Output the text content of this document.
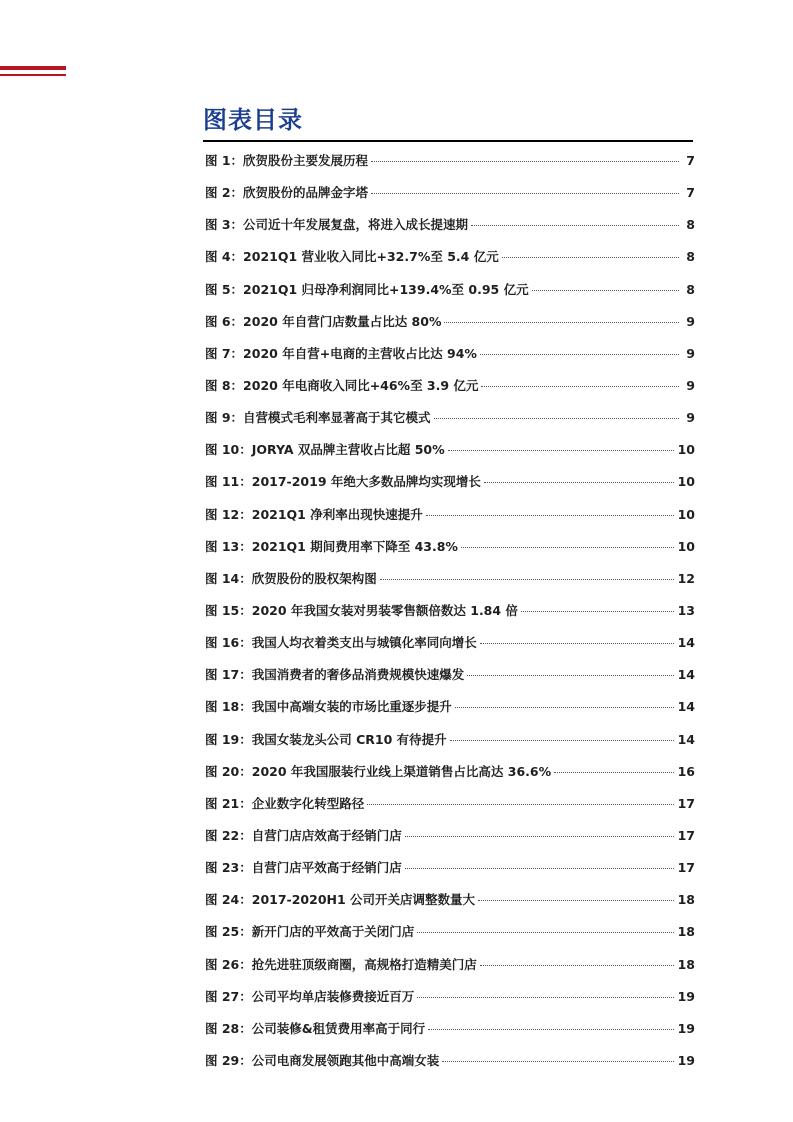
图表目录
图 1：欣贺股份主要发展历程	7
图 2：欣贺股份的品牌金字塔	7
图 3：公司近十年发展复盘，将进入成长提速期	8
图 4：2021Q1 营业收入同比+32.7%至 5.4 亿元	8
图 5：2021Q1 归母净利润同比+139.4%至 0.95 亿元	8
图 6：2020 年自营门店数量占比达 80%	9
图 7：2020 年自营+电商的主营收占比达 94%	9
图 8：2020 年电商收入同比+46%至 3.9 亿元	9
图 9：自营模式毛利率显著高于其它模式	9
图 10：JORYA 双品牌主营收占比超 50%	10
图 11：2017-2019 年绝大多数品牌均实现增长	10
图 12：2021Q1 净利率出现快速提升	10
图 13：2021Q1 期间费用率下降至 43.8%	10
图 14：欣贺股份的股权架构图	12
图 15：2020 年我国女装对男装零售额倍数达 1.84 倍	13
图 16：我国人均衣着类支出与城镇化率同向增长	14
图 17：我国消费者的奢侈品消费规模快速爆发	14
图 18：我国中高端女装的市场比重逐步提升	14
图 19：我国女装龙头公司 CR10 有待提升	14
图 20：2020 年我国服装行业线上渠道销售占比高达 36.6%	16
图 21：企业数字化转型路径	17
图 22：自营门店店效高于经销门店	17
图 23：自营门店平效高于经销门店	17
图 24：2017-2020H1 公司开关店调整数量大	18
图 25：新开门店的平效高于关闭门店	18
图 26：抢先进驻顶级商圈，高规格打造精美门店	18
图 27：公司平均单店装修费接近百万	19
图 28：公司装修&租赁费用率高于同行	19
图 29：公司电商发展领跑其他中高端女装	19
